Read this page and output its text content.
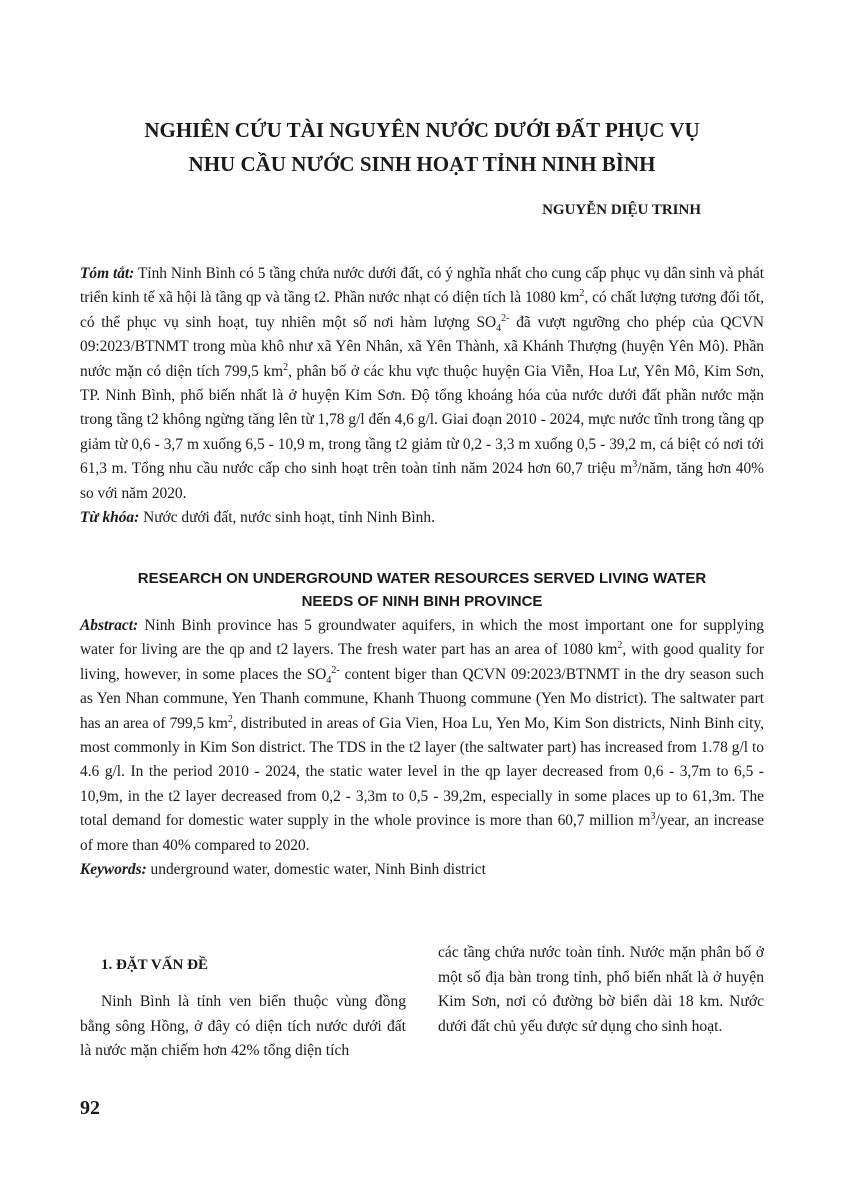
NGHIÊN CỨU TÀI NGUYÊN NƯỚC DƯỚI ĐẤT PHỤC VỤ
NHU CẦU NƯỚC SINH HOẠT TỈNH NINH BÌNH

NGUYỄN DIỆU TRINH

Tóm tắt: Tỉnh Ninh Bình có 5 tầng chứa nước dưới đất, có ý nghĩa nhất cho cung cấp phục vụ dân sinh và phát triển kinh tế xã hội là tầng qp và tầng t2. Phần nước nhạt có diện tích là 1080 $km^2$, có chất lượng tương đối tốt, có thể phục vụ sinh hoạt, tuy nhiên một số nơi hàm lượng $SO_4^{2-}$ đã vượt ngưỡng cho phép của QCVN 09:2023/BTNMT trong mùa khô như xã Yên Nhân, xã Yên Thành, xã Khánh Thượng (huyện Yên Mô). Phần nước mặn có diện tích 799,5 $km^2$, phân bố ở các khu vực thuộc huyện Gia Viễn, Hoa Lư, Yên Mô, Kim Sơn, TP. Ninh Bình, phổ biến nhất là ở huyện Kim Sơn. Độ tổng khoáng hóa của nước dưới đất phần nước mặn trong tầng t2 không ngừng tăng lên từ 1,78 g/l đến 4,6 g/l. Giai đoạn 2010 - 2024, mực nước tĩnh trong tầng qp giảm từ 0,6 - 3,7 m xuống 6,5 - 10,9 m, trong tầng t2 giảm từ 0,2 - 3,3 m xuống 0,5 - 39,2 m, cá biệt có nơi tới 61,3 m. Tổng nhu cầu nước cấp cho sinh hoạt trên toàn tỉnh năm 2024 hơn 60,7 triệu $m^3$/năm, tăng hơn 40% so với năm 2020.
Từ khóa: Nước dưới đất, nước sinh hoạt, tỉnh Ninh Bình.

RESEARCH ON UNDERGROUND WATER RESOURCES SERVED LIVING WATER
NEEDS OF NINH BINH PROVINCE

Abstract: Ninh Binh province has 5 groundwater aquifers, in which the most important one for supplying water for living are the qp and t2 layers. The fresh water part has an area of 1080 $km^2$, with good quality for living, however, in some places the $SO_4^{2-}$ content biger than QCVN 09:2023/BTNMT in the dry season such as Yen Nhan commune, Yen Thanh commune, Khanh Thuong commune (Yen Mo district). The saltwater part has an area of 799,5 $km^2$, distributed in areas of Gia Vien, Hoa Lu, Yen Mo, Kim Son districts, Ninh Binh city, most commonly in Kim Son district. The TDS in the t2 layer (the saltwater part) has increased from 1.78 g/l to 4.6 g/l. In the period 2010 - 2024, the static water level in the qp layer decreased from 0,6 - 3,7m to 6,5 - 10,9m, in the t2 layer decreased from 0,2 - 3,3m to 0,5 - 39,2m, especially in some places up to 61,3m. The total demand for domestic water supply in the whole province is more than 60,7 million $m^3$/year, an increase of more than 40% compared to 2020.
Keywords: underground water, domestic water, Ninh Binh district

1. ĐẶT VẤN ĐỀ

Ninh Bình là tỉnh ven biển thuộc vùng đồng bằng sông Hồng, ở đây có diện tích nước dưới đất là nước mặn chiếm hơn 42% tổng diện tích

các tầng chứa nước toàn tỉnh. Nước mặn phân bố ở một số địa bàn trong tỉnh, phổ biến nhất là ở huyện Kim Sơn, nơi có đường bờ biển dài 18 km. Nước dưới đất chủ yếu được sử dụng cho sinh hoạt.

92
